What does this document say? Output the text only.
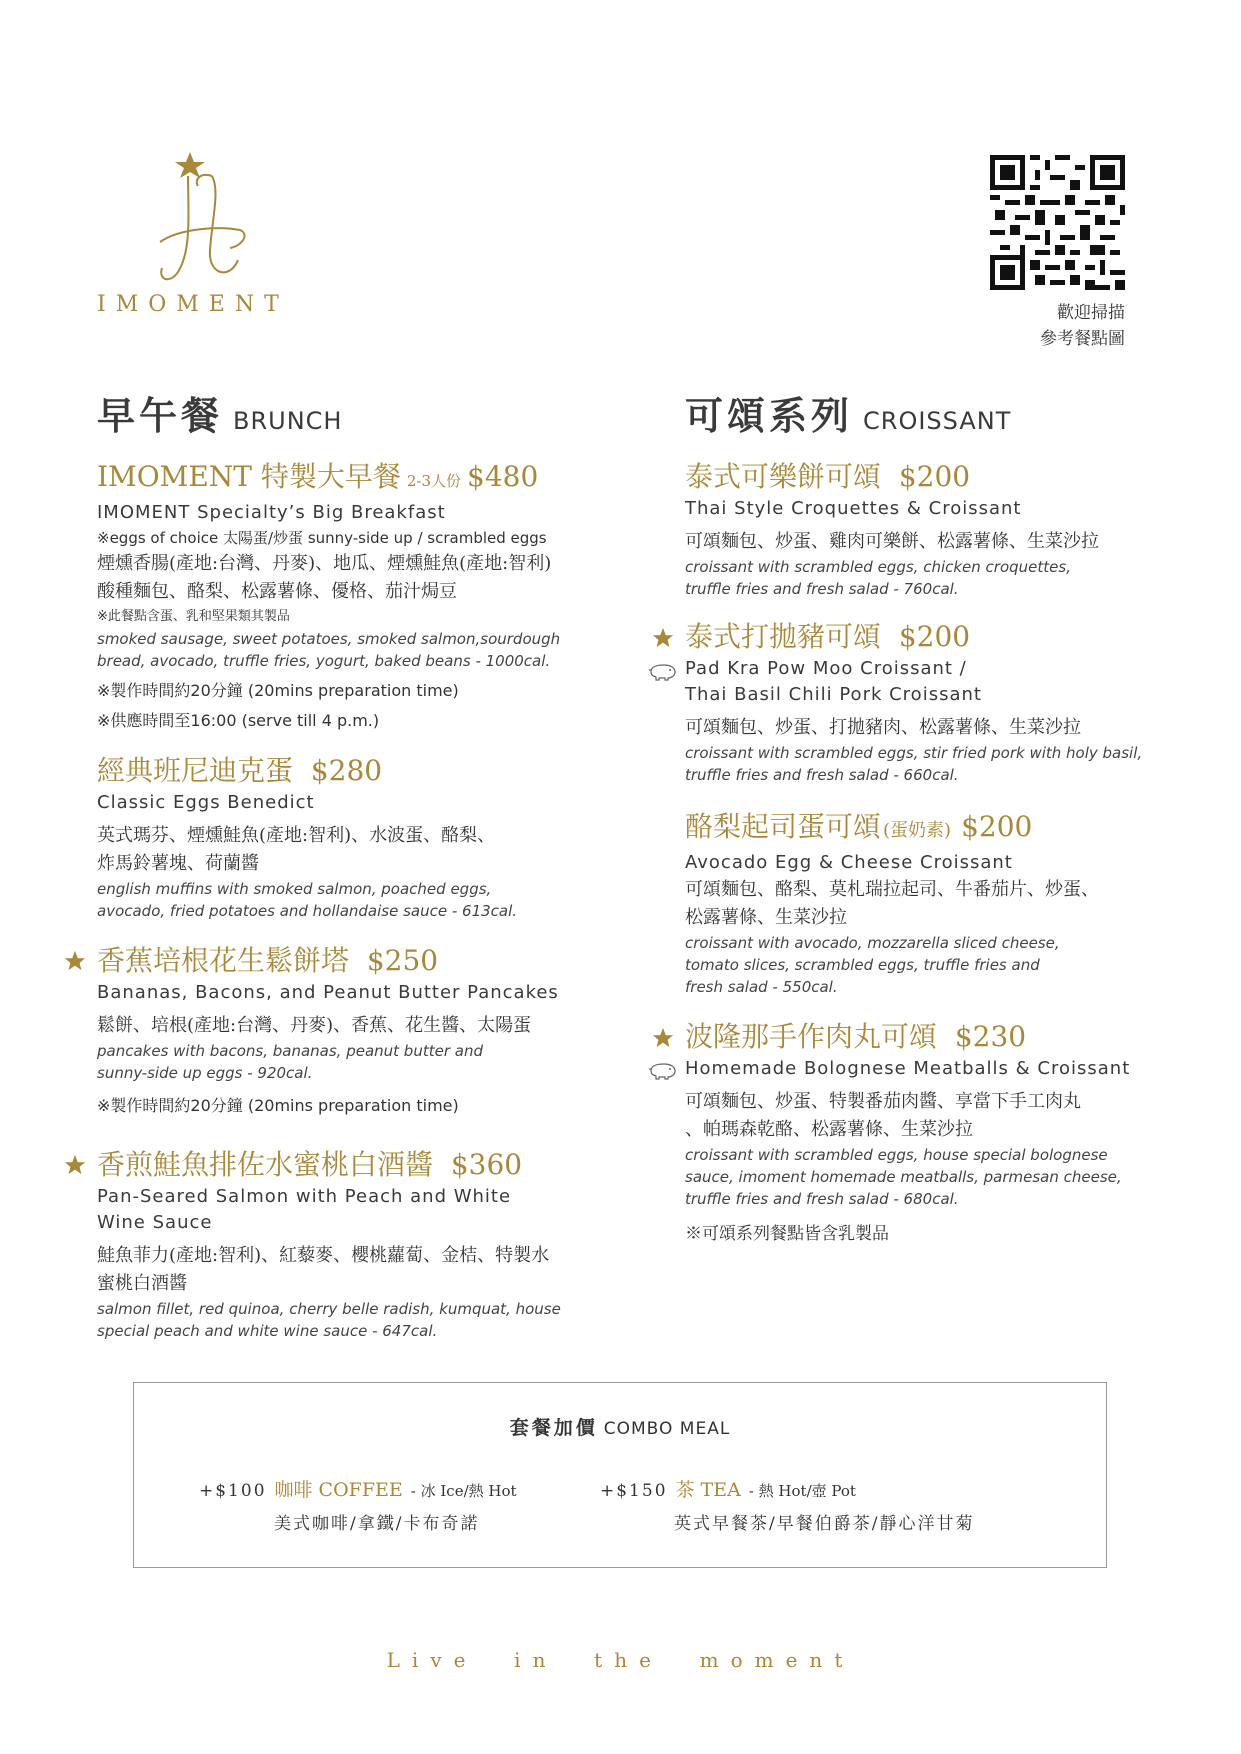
IMOMENT	歡迎掃描
參考餐點圖
早午餐 BRUNCH	可頌系列 CROISSANT
IMOMENT 特製大早餐 2-3人份 $480
IMOMENT Specialty’s Big Breakfast
※eggs of choice 太陽蛋/炒蛋 sunny-side up / scrambled eggs
煙燻香腸(產地:台灣、丹麥)、地瓜、煙燻鮭魚(產地:智利)
酸種麵包、酪梨、松露薯條、優格、茄汁焗豆
※此餐點含蛋、乳和堅果類其製品
smoked sausage, sweet potatoes, smoked salmon,sourdough
bread, avocado, truffle fries, yogurt, baked beans - 1000cal.
※製作時間約20分鐘 (20mins preparation time)
※供應時間至16:00 (serve till 4 p.m.)
經典班尼迪克蛋 $280
Classic Eggs Benedict
英式瑪芬、煙燻鮭魚(產地:智利)、水波蛋、酪梨、
炸馬鈴薯塊、荷蘭醬
english muffins with smoked salmon, poached eggs,
avocado, fried potatoes and hollandaise sauce - 613cal.
香蕉培根花生鬆餅塔 $250
Bananas, Bacons, and Peanut Butter Pancakes
鬆餅、培根(產地:台灣、丹麥)、香蕉、花生醬、太陽蛋
pancakes with bacons, bananas, peanut butter and
sunny-side up eggs - 920cal.
※製作時間約20分鐘 (20mins preparation time)
香煎鮭魚排佐水蜜桃白酒醬 $360
Pan-Seared Salmon with Peach and White
Wine Sauce
鮭魚菲力(產地:智利)、紅藜麥、櫻桃蘿蔔、金桔、特製水
蜜桃白酒醬
salmon fillet, red quinoa, cherry belle radish, kumquat, house
special peach and white wine sauce - 647cal.
泰式可樂餅可頌 $200
Thai Style Croquettes & Croissant
可頌麵包、炒蛋、雞肉可樂餅、松露薯條、生菜沙拉
croissant with scrambled eggs, chicken croquettes,
truffle fries and fresh salad - 760cal.
泰式打拋豬可頌 $200
Pad Kra Pow Moo Croissant /
Thai Basil Chili Pork Croissant
可頌麵包、炒蛋、打拋豬肉、松露薯條、生菜沙拉
croissant with scrambled eggs, stir fried pork with holy basil,
truffle fries and fresh salad - 660cal.
酪梨起司蛋可頌 (蛋奶素) $200
Avocado Egg & Cheese Croissant
可頌麵包、酪梨、莫札瑞拉起司、牛番茄片、炒蛋、
松露薯條、生菜沙拉
croissant with avocado, mozzarella sliced cheese,
tomato slices, scrambled eggs, truffle fries and
fresh salad - 550cal.
波隆那手作肉丸可頌 $230
Homemade Bolognese Meatballs & Croissant
可頌麵包、炒蛋、特製番茄肉醬、享當下手工肉丸
、帕瑪森乾酪、松露薯條、生菜沙拉
croissant with scrambled eggs, house special bolognese
sauce, imoment homemade meatballs, parmesan cheese,
truffle fries and fresh salad - 680cal.
※可頌系列餐點皆含乳製品
套餐加價 COMBO MEAL
+$100 咖啡 COFFEE - 冰 Ice/熱 Hot
美式咖啡/拿鐵/卡布奇諾
+$150 茶 TEA - 熱 Hot/壺 Pot
英式早餐茶/早餐伯爵茶/靜心洋甘菊
Live  in  the  moment
